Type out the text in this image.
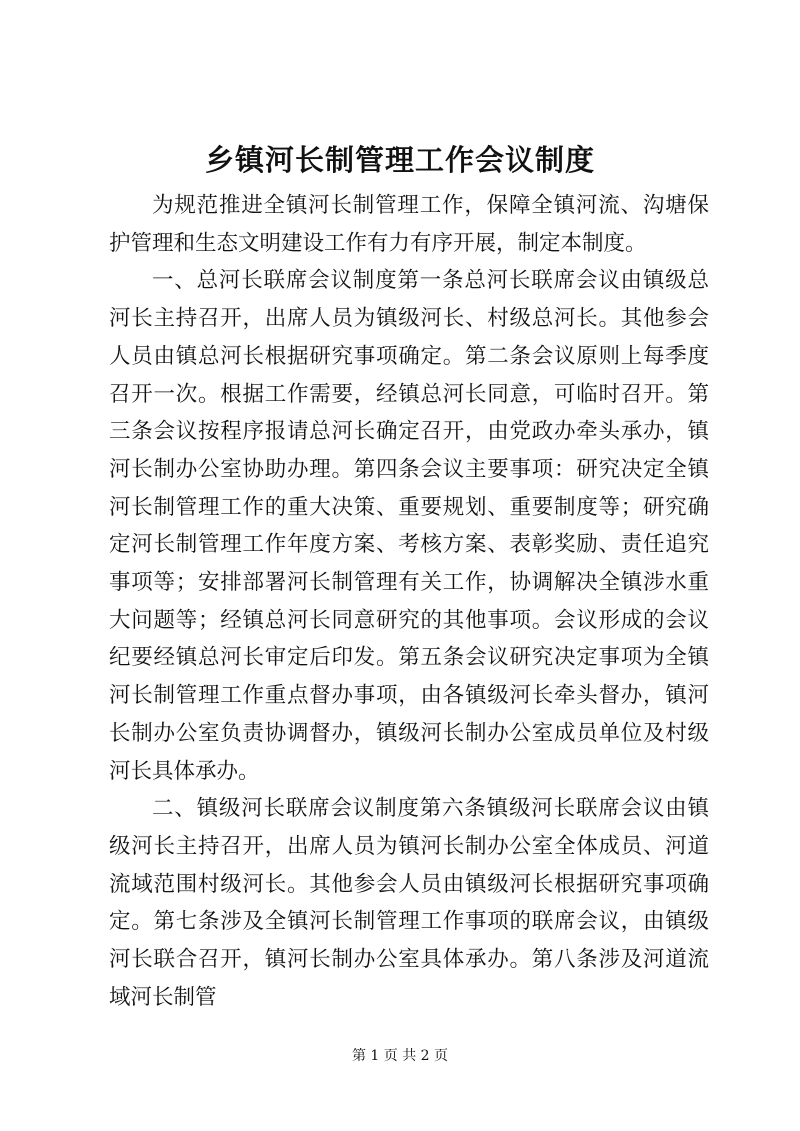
乡镇河长制管理工作会议制度

为规范推进全镇河长制管理工作，保障全镇河流、沟塘保护管理和生态文明建设工作有力有序开展，制定本制度。

一、总河长联席会议制度第一条总河长联席会议由镇级总河长主持召开，出席人员为镇级河长、村级总河长。其他参会人员由镇总河长根据研究事项确定。第二条会议原则上每季度召开一次。根据工作需要，经镇总河长同意，可临时召开。第三条会议按程序报请总河长确定召开，由党政办牵头承办，镇河长制办公室协助办理。第四条会议主要事项：研究决定全镇河长制管理工作的重大决策、重要规划、重要制度等；研究确定河长制管理工作年度方案、考核方案、表彰奖励、责任追究事项等；安排部署河长制管理有关工作，协调解决全镇涉水重大问题等；经镇总河长同意研究的其他事项。会议形成的会议纪要经镇总河长审定后印发。第五条会议研究决定事项为全镇河长制管理工作重点督办事项，由各镇级河长牵头督办，镇河长制办公室负责协调督办，镇级河长制办公室成员单位及村级河长具体承办。

二、镇级河长联席会议制度第六条镇级河长联席会议由镇级河长主持召开，出席人员为镇河长制办公室全体成员、河道流域范围村级河长。其他参会人员由镇级河长根据研究事项确定。第七条涉及全镇河长制管理工作事项的联席会议，由镇级河长联合召开，镇河长制办公室具体承办。第八条涉及河道流域河长制管

第 1 页 共 2 页
